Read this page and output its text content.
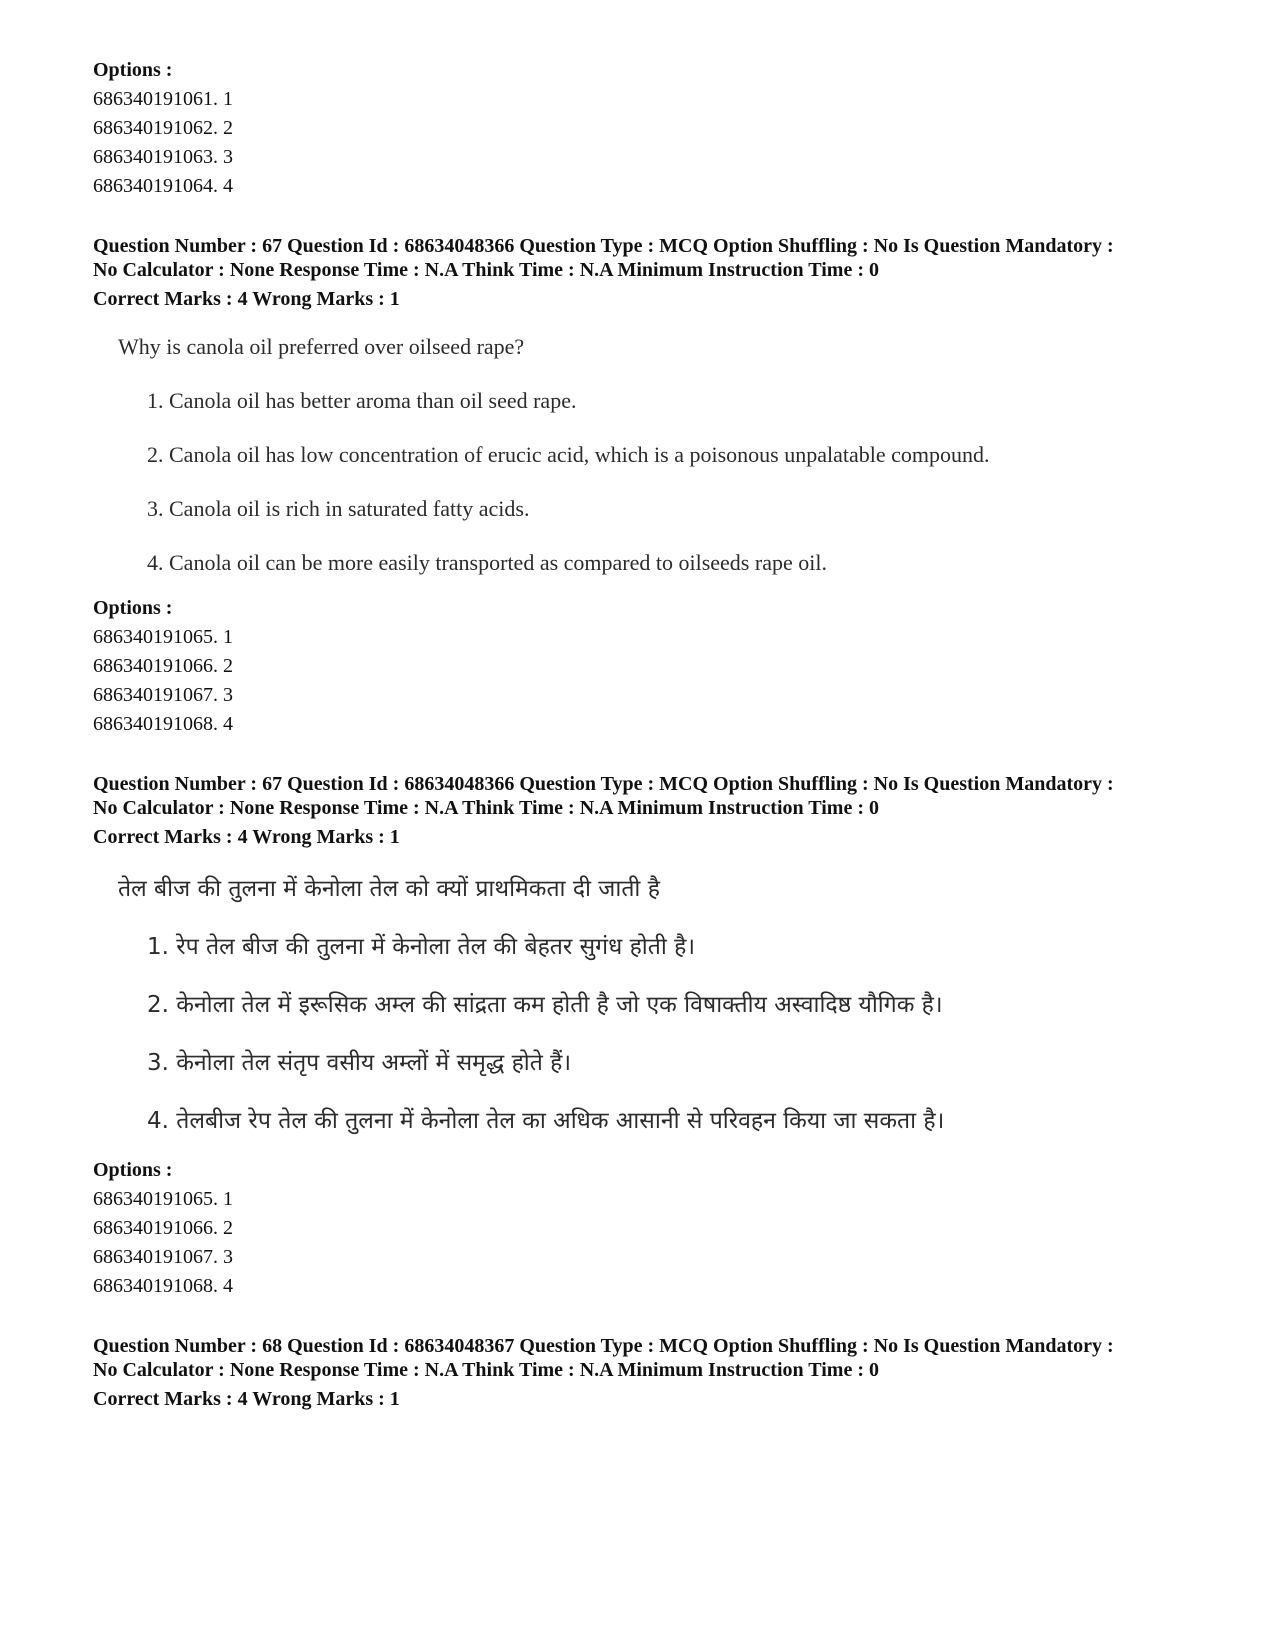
Options :
686340191061. 1
686340191062. 2
686340191063. 3
686340191064. 4
Question Number : 67 Question Id : 68634048366 Question Type : MCQ Option Shuffling : No Is Question Mandatory :
No Calculator : None Response Time : N.A Think Time : N.A Minimum Instruction Time : 0
Correct Marks : 4 Wrong Marks : 1
Why is canola oil preferred over oilseed rape?
1. Canola oil has better aroma than oil seed rape.
2. Canola oil has low concentration of erucic acid, which is a poisonous unpalatable compound.
3. Canola oil is rich in saturated fatty acids.
4. Canola oil can be more easily transported as compared to oilseeds rape oil.
Options :
686340191065. 1
686340191066. 2
686340191067. 3
686340191068. 4
Question Number : 67 Question Id : 68634048366 Question Type : MCQ Option Shuffling : No Is Question Mandatory :
No Calculator : None Response Time : N.A Think Time : N.A Minimum Instruction Time : 0
Correct Marks : 4 Wrong Marks : 1
तेल बीज की तुलना में केनोला तेल को क्यों प्राथमिकता दी जाती है
1. रेप तेल बीज की तुलना में केनोला तेल की बेहतर सुगंध होती है।
2. केनोला तेल में इरूसिक अम्ल की सांद्रता कम होती है जो एक विषाक्तीय अस्वादिष्ठ यौगिक है।
3. केनोला तेल संतृप वसीय अम्लों में समृद्ध होते हैं।
4. तेलबीज रेप तेल की तुलना में केनोला तेल का अधिक आसानी से परिवहन किया जा सकता है।
Options :
686340191065. 1
686340191066. 2
686340191067. 3
686340191068. 4
Question Number : 68 Question Id : 68634048367 Question Type : MCQ Option Shuffling : No Is Question Mandatory :
No Calculator : None Response Time : N.A Think Time : N.A Minimum Instruction Time : 0
Correct Marks : 4 Wrong Marks : 1
